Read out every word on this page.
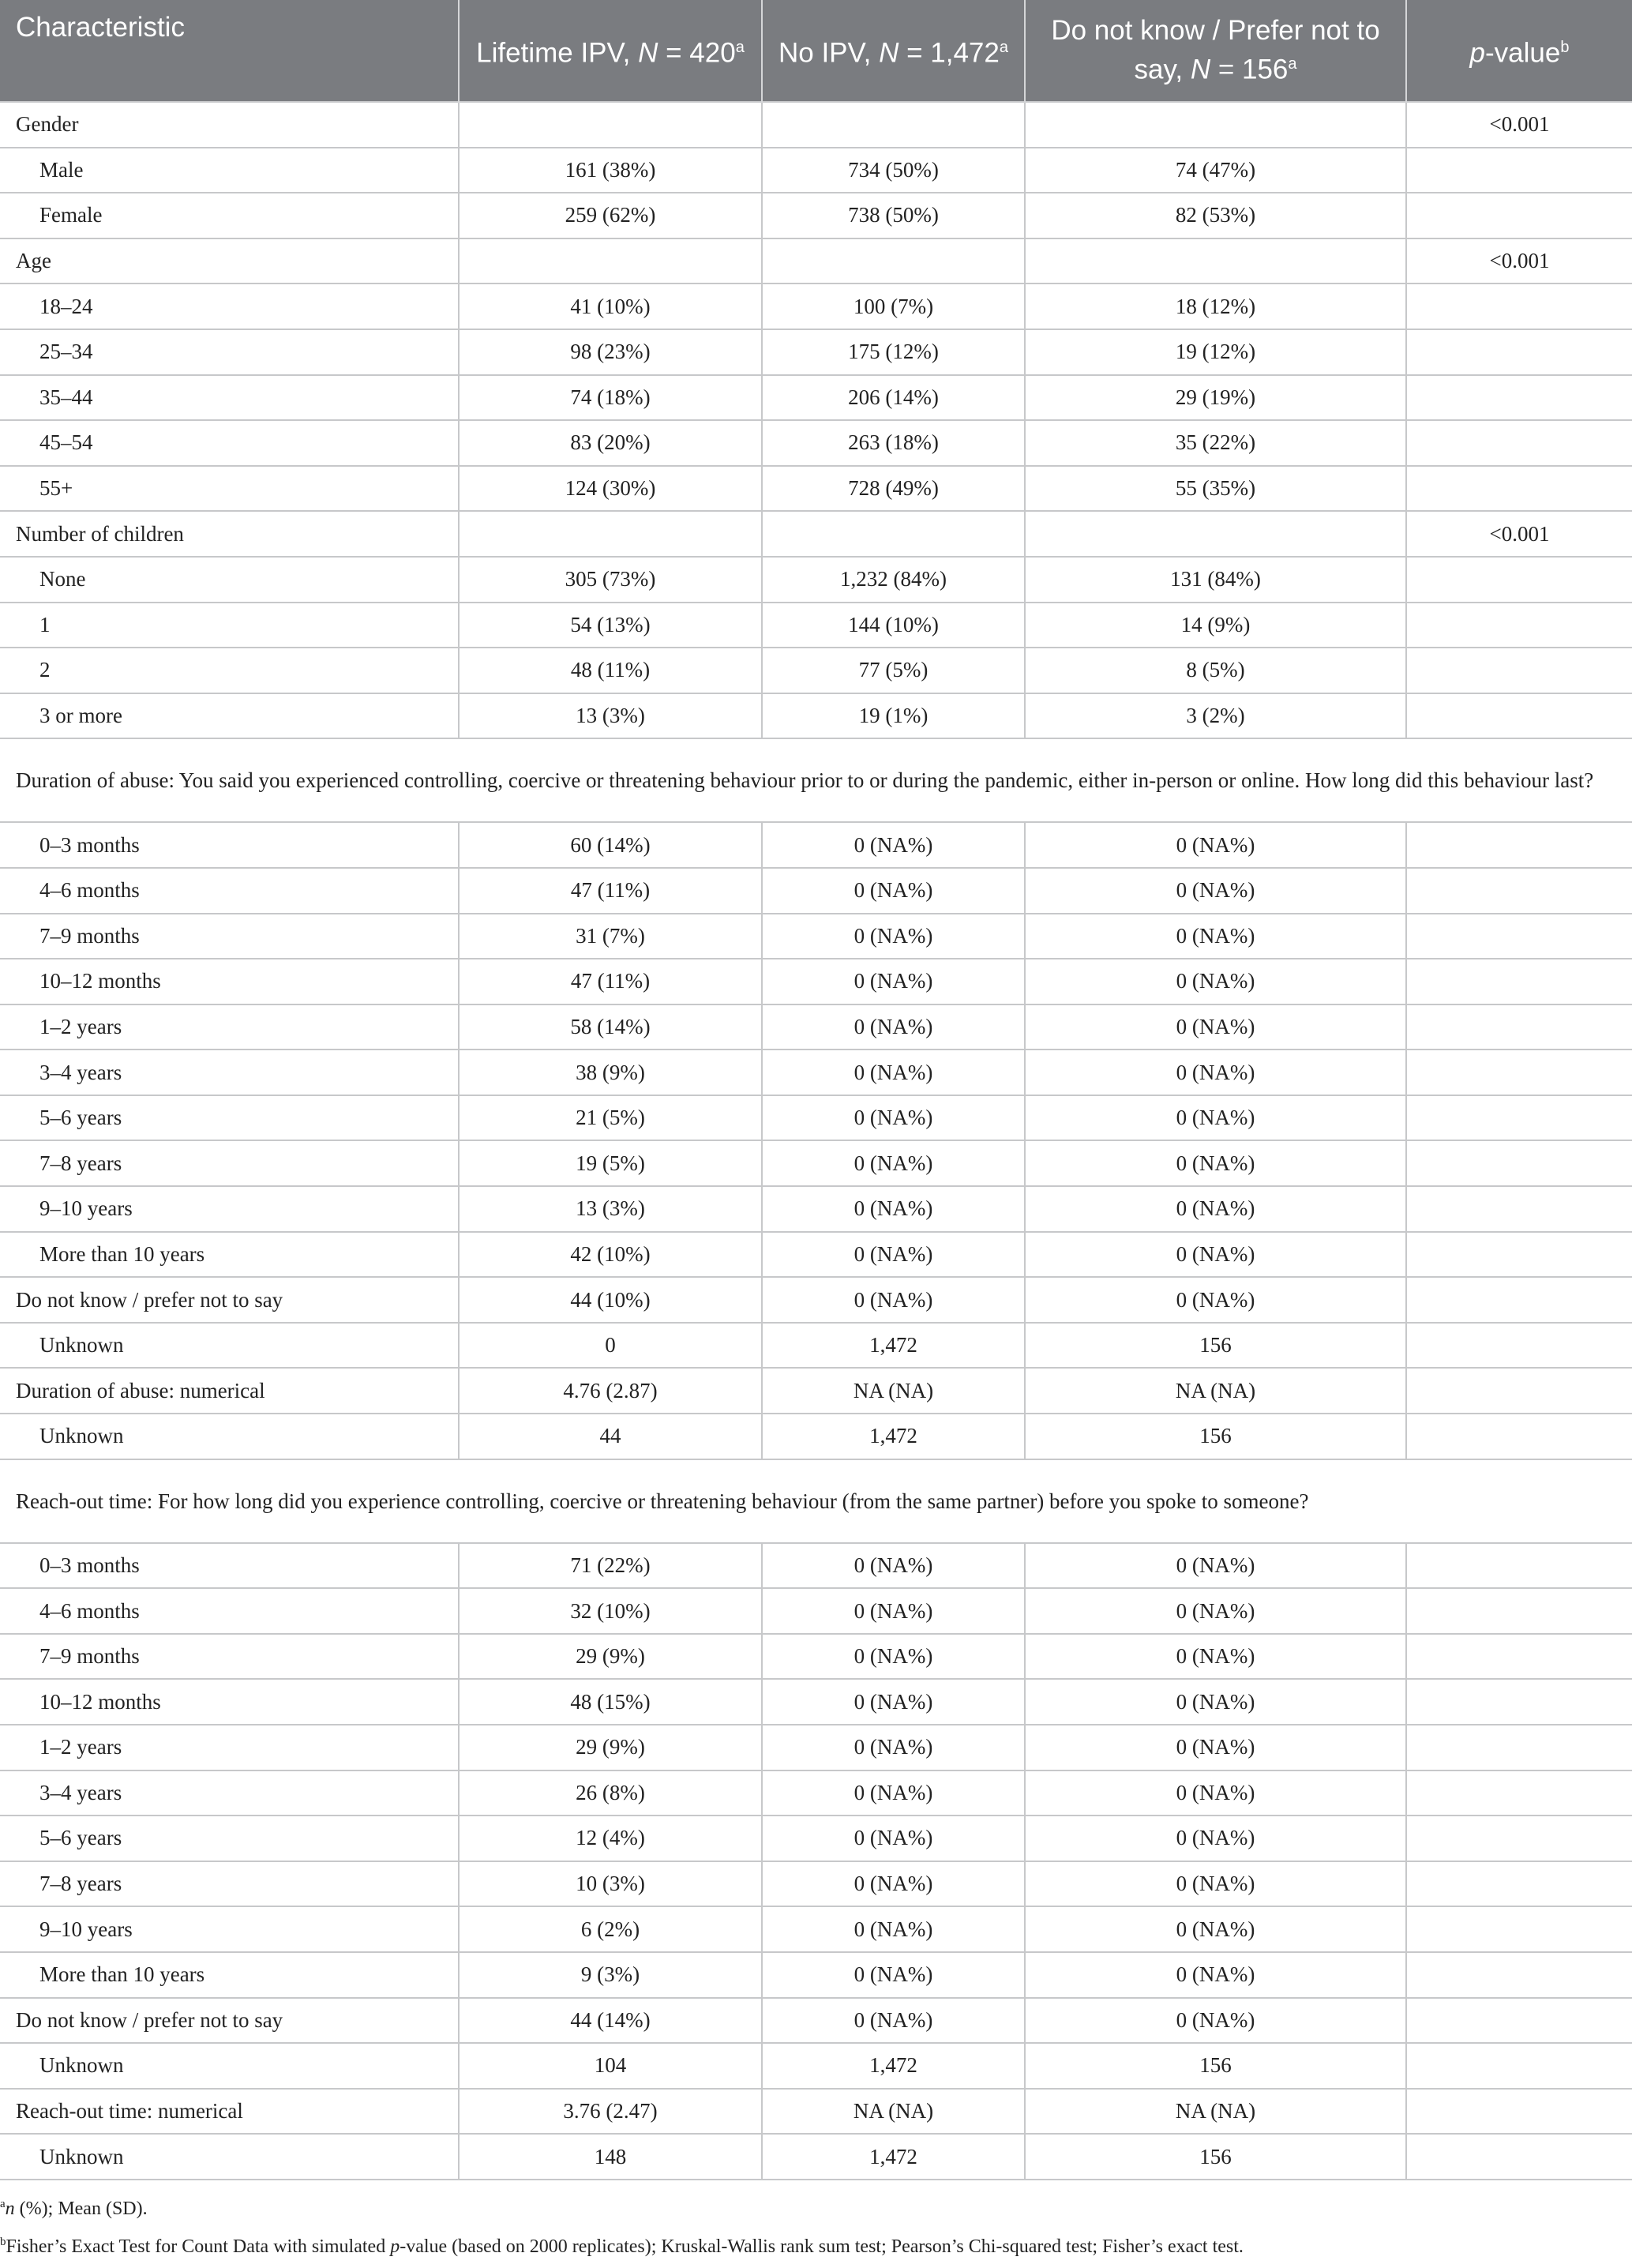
Characteristic	Lifetime IPV, $N = 420^a$	No IPV, N = 1,472$^a$	Do not know / Prefer not to say, $N = 156^a$	p-value$^b$
Gender				<0.001
Male	161 (38%)	734 (50%)	74 (47%)	
Female	259 (62%)	738 (50%)	82 (53%)	
Age				<0.001
18–24	41 (10%)	100 (7%)	18 (12%)	
25–34	98 (23%)	175 (12%)	19 (12%)	
35–44	74 (18%)	206 (14%)	29 (19%)	
45–54	83 (20%)	263 (18%)	35 (22%)	
55+	124 (30%)	728 (49%)	55 (35%)	
Number of children				<0.001
None	305 (73%)	1,232 (84%)	131 (84%)	
1	54 (13%)	144 (10%)	14 (9%)	
2	48 (11%)	77 (5%)	8 (5%)	
3 or more	13 (3%)	19 (1%)	3 (2%)	
Duration of abuse: You said you experienced controlling, coercive or threatening behaviour prior to or during the pandemic, either in-person or online. How long did this behaviour last?				
0–3 months	60 (14%)	0 (NA%)	0 (NA%)	
4–6 months	47 (11%)	0 (NA%)	0 (NA%)	
7–9 months	31 (7%)	0 (NA%)	0 (NA%)	
10–12 months	47 (11%)	0 (NA%)	0 (NA%)	
1–2 years	58 (14%)	0 (NA%)	0 (NA%)	
3–4 years	38 (9%)	0 (NA%)	0 (NA%)	
5–6 years	21 (5%)	0 (NA%)	0 (NA%)	
7–8 years	19 (5%)	0 (NA%)	0 (NA%)	
9–10 years	13 (3%)	0 (NA%)	0 (NA%)	
More than 10 years	42 (10%)	0 (NA%)	0 (NA%)	
Do not know / prefer not to say	44 (10%)	0 (NA%)	0 (NA%)	
Unknown	0	1,472	156	
Duration of abuse: numerical	4.76 (2.87)	NA (NA)	NA (NA)	
Unknown	44	1,472	156	
Reach-out time: For how long did you experience controlling, coercive or threatening behaviour (from the same partner) before you spoke to someone?				
0–3 months	71 (22%)	0 (NA%)	0 (NA%)	
4–6 months	32 (10%)	0 (NA%)	0 (NA%)	
7–9 months	29 (9%)	0 (NA%)	0 (NA%)	
10–12 months	48 (15%)	0 (NA%)	0 (NA%)	
1–2 years	29 (9%)	0 (NA%)	0 (NA%)	
3–4 years	26 (8%)	0 (NA%)	0 (NA%)	
5–6 years	12 (4%)	0 (NA%)	0 (NA%)	
7–8 years	10 (3%)	0 (NA%)	0 (NA%)	
9–10 years	6 (2%)	0 (NA%)	0 (NA%)	
More than 10 years	9 (3%)	0 (NA%)	0 (NA%)	
Do not know / prefer not to say	44 (14%)	0 (NA%)	0 (NA%)	
Unknown	104	1,472	156	
Reach-out time: numerical	3.76 (2.47)	NA (NA)	NA (NA)	
Unknown	148	1,472	156	

$^a$n (%); Mean (SD).

$^b$Fisher’s Exact Test for Count Data with simulated p-value (based on 2000 replicates); Kruskal-Wallis rank sum test; Pearson’s Chi-squared test; Fisher’s exact test.
